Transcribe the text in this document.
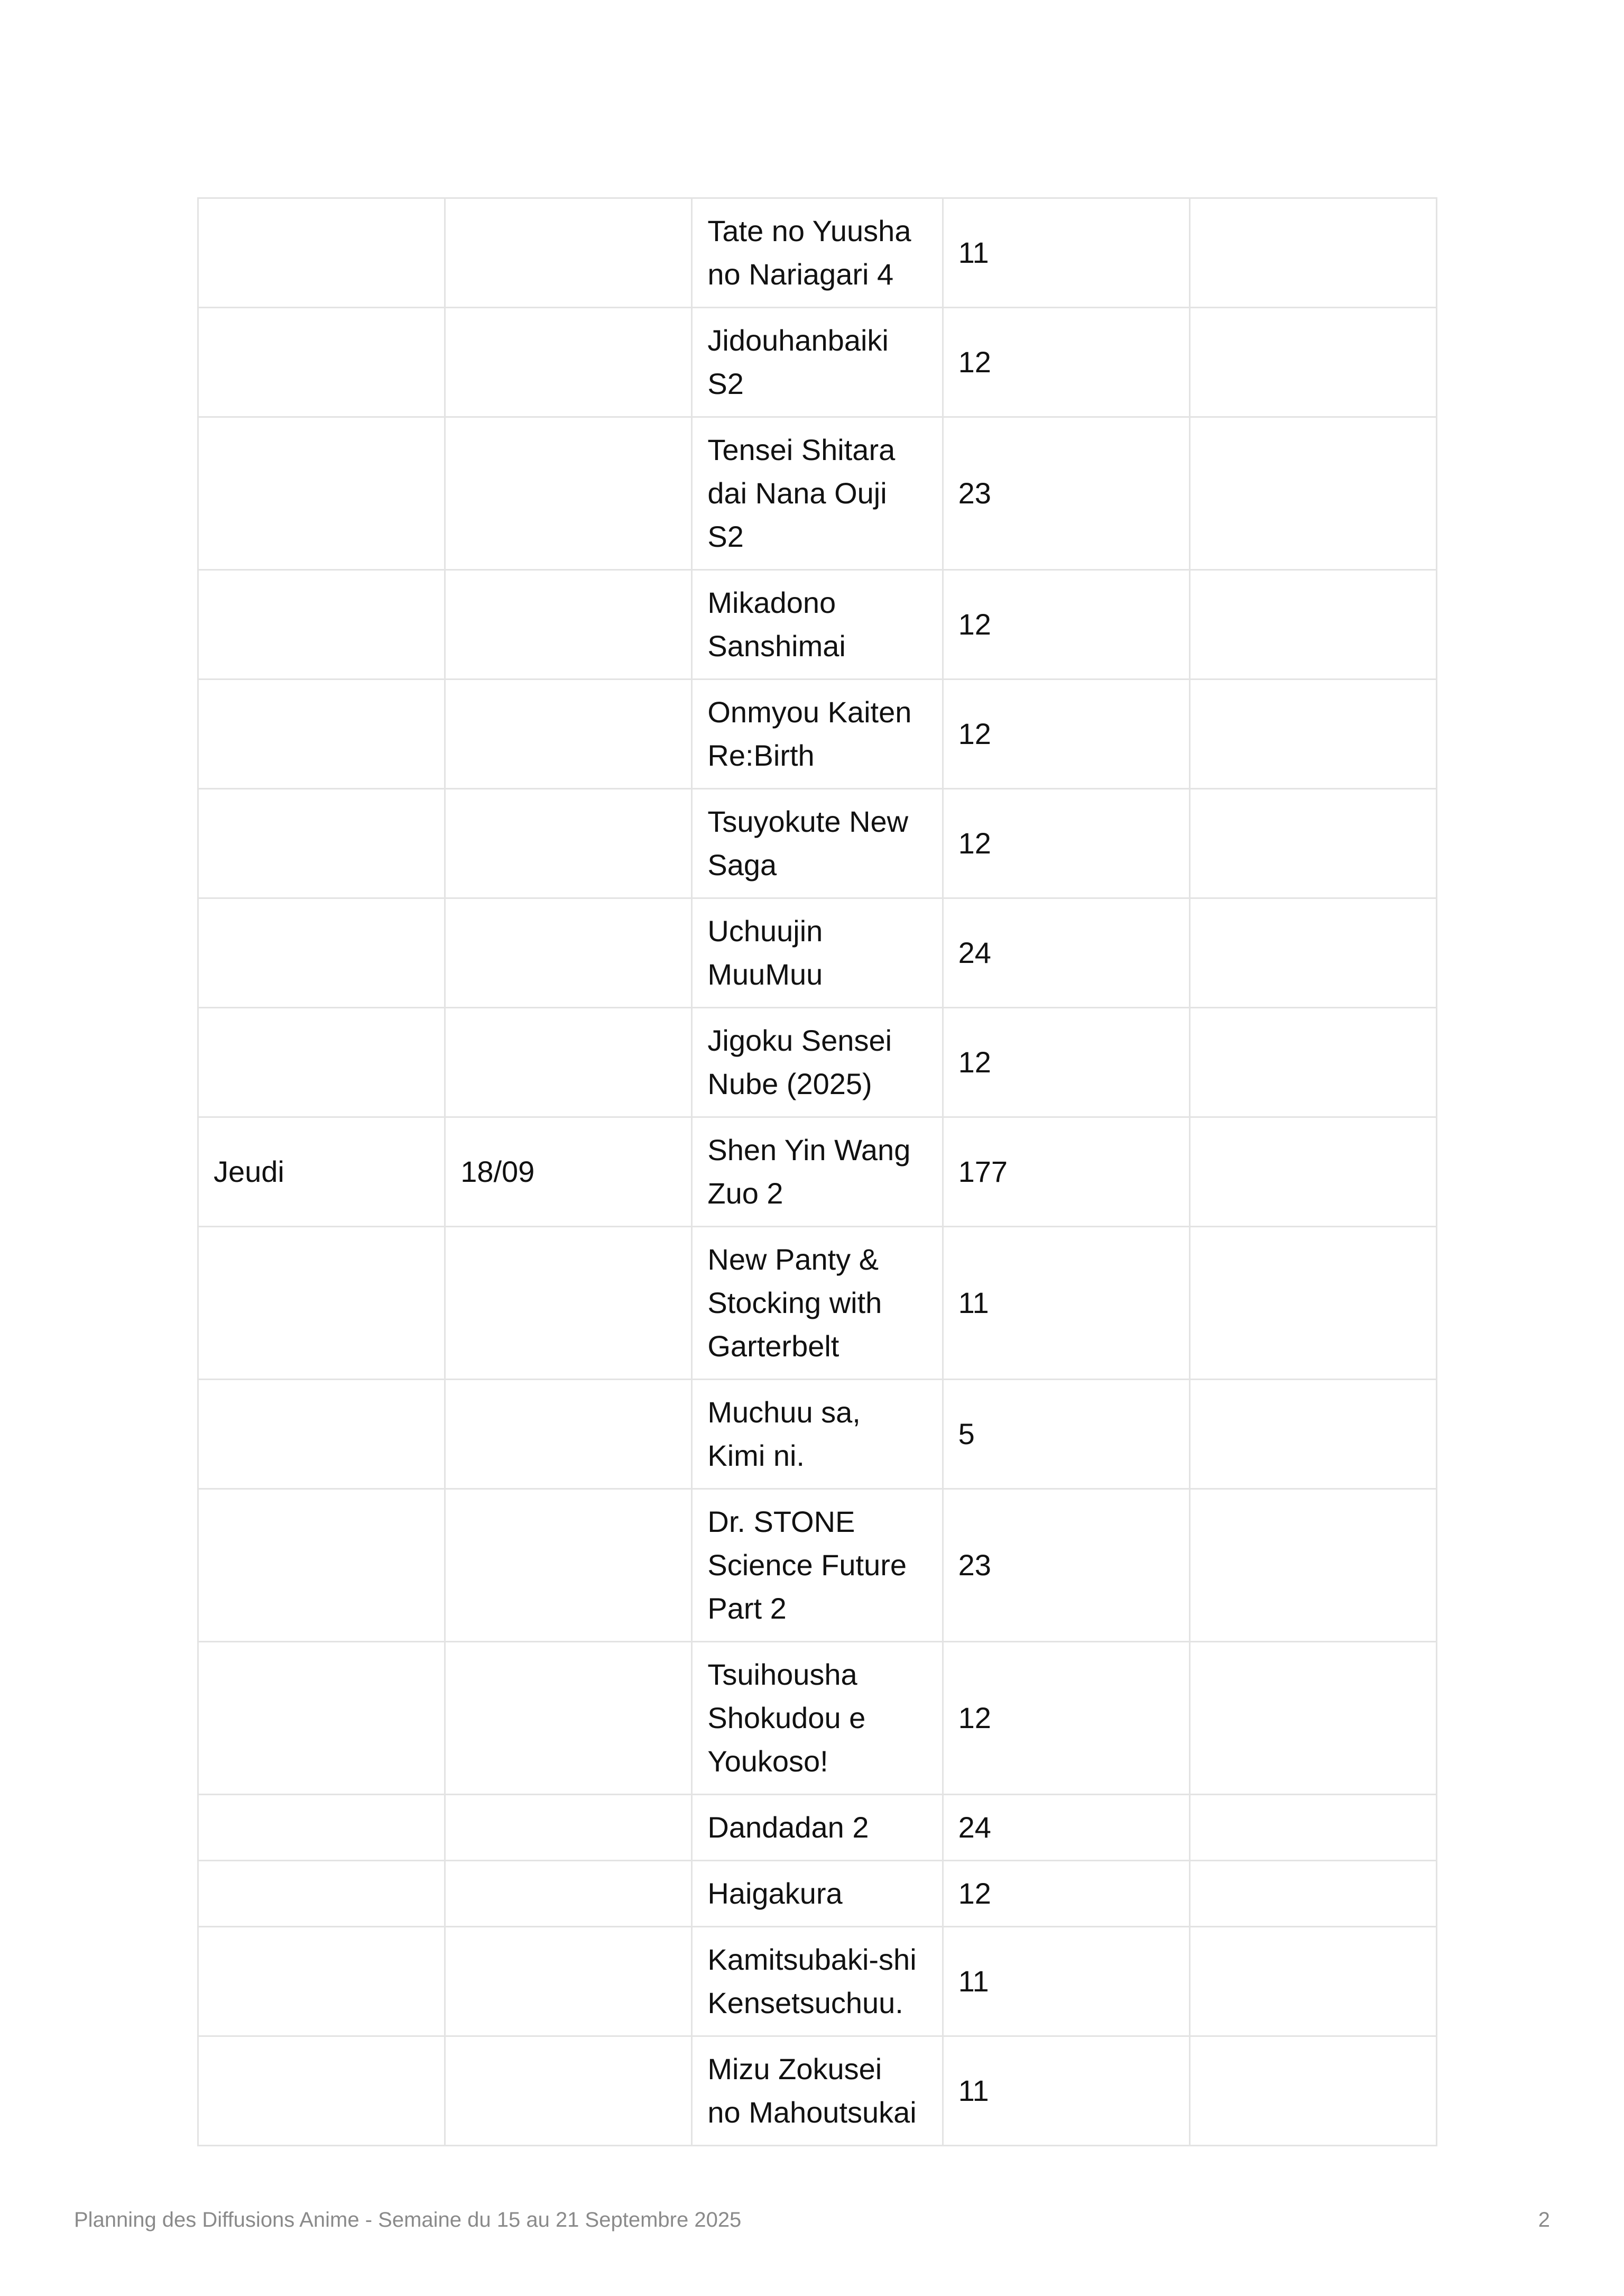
		Tate no Yuusha
no Nariagari 4	11	
		Jidouhanbaiki
S2	12	
		Tensei Shitara
dai Nana Ouji
S2	23	
		Mikadono
Sanshimai	12	
		Onmyou Kaiten
Re:Birth	12	
		Tsuyokute New
Saga	12	
		Uchuujin
MuuMuu	24	
		Jigoku Sensei
Nube (2025)	12	
Jeudi	18/09	Shen Yin Wang
Zuo 2	177	
		New Panty &
Stocking with
Garterbelt	11	
		Muchuu sa,
Kimi ni.	5	
		Dr. STONE
Science Future
Part 2	23	
		Tsuihousha
Shokudou e
Youkoso!	12	
		Dandadan 2	24	
		Haigakura	12	
		Kamitsubaki-shi
Kensetsuchuu.	11	
		Mizu Zokusei
no Mahoutsukai	11	
Planning des Diffusions Anime - Semaine du 15 au 21 Septembre 2025	2
